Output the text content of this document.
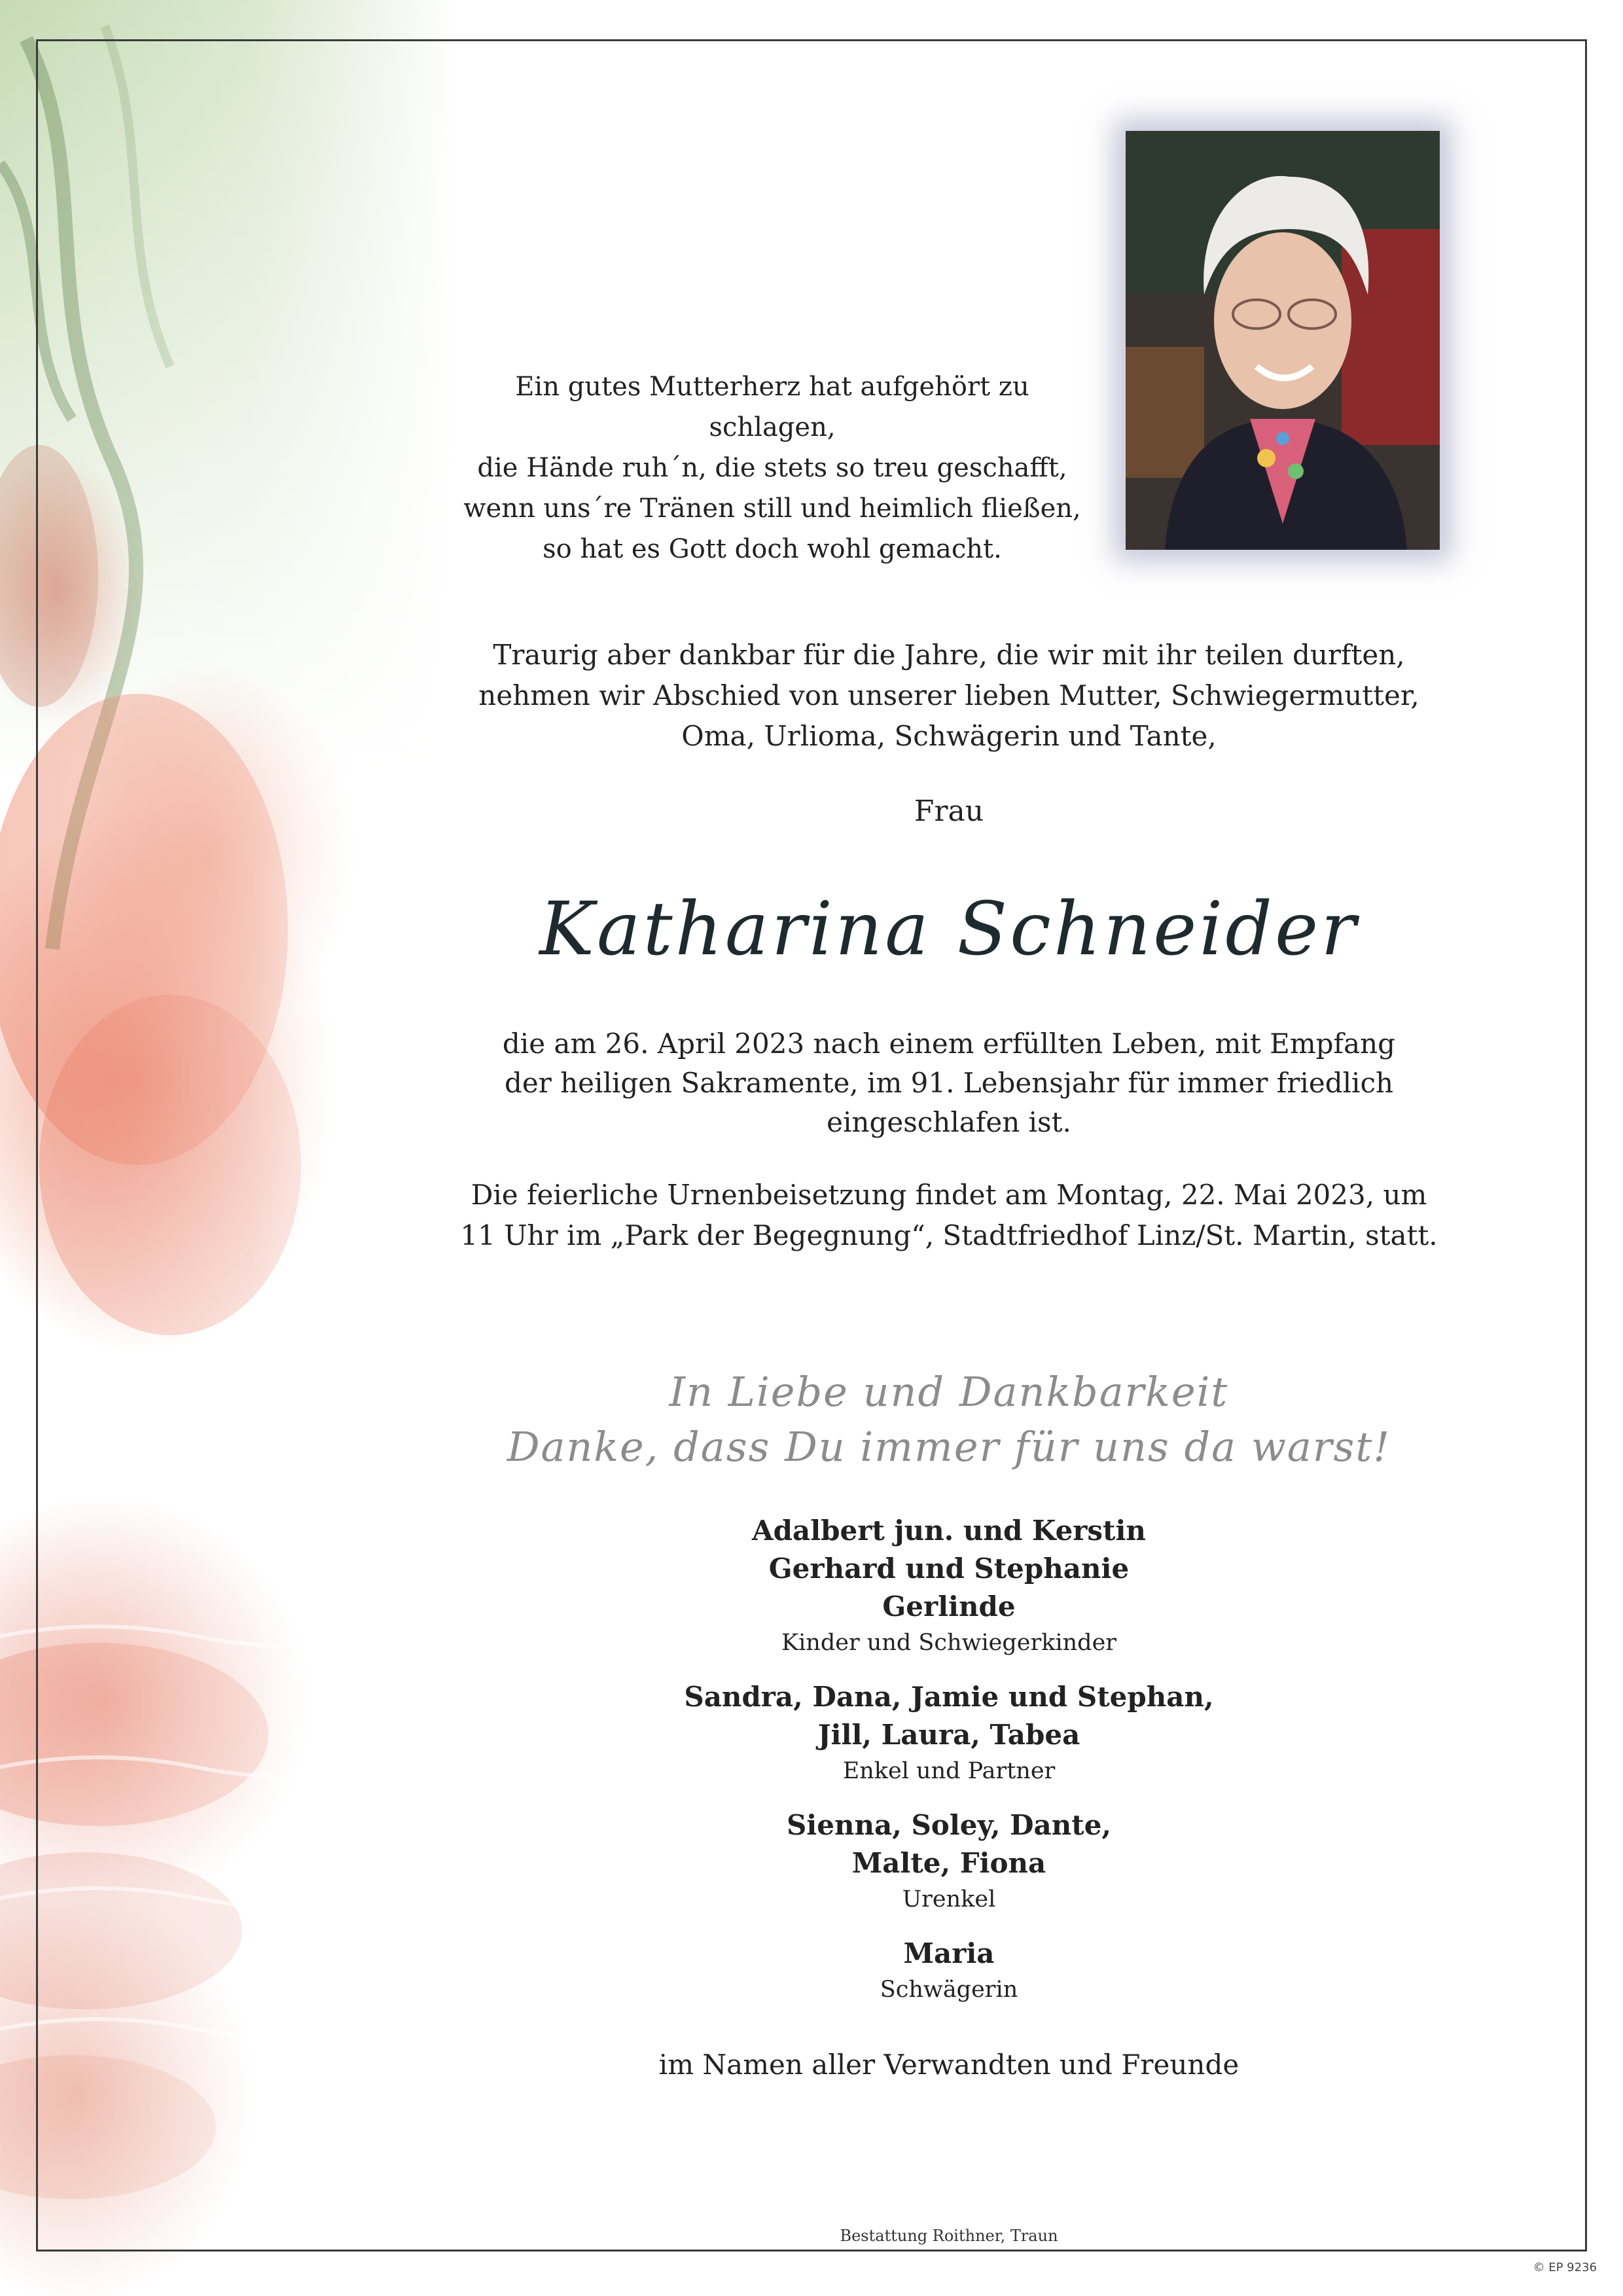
Ein gutes Mutterherz hat aufgehört zu schlagen,
die Hände ruh´n, die stets so treu geschafft,
wenn uns´re Tränen still und heimlich fließen,
so hat es Gott doch wohl gemacht.
Traurig aber dankbar für die Jahre, die wir mit ihr teilen durften,
nehmen wir Abschied von unserer lieben Mutter, Schwiegermutter,
Oma, Urlioma, Schwägerin und Tante,
Frau
Katharina Schneider
die am 26. April 2023 nach einem erfüllten Leben, mit Empfang
der heiligen Sakramente, im 91. Lebensjahr für immer friedlich
eingeschlafen ist.
Die feierliche Urnenbeisetzung findet am Montag, 22. Mai 2023, um
11 Uhr im „Park der Begegnung“, Stadtfriedhof Linz/St. Martin, statt.
In Liebe und Dankbarkeit
Danke, dass Du immer für uns da warst!
Adalbert jun. und Kerstin
Gerhard und Stephanie
Gerlinde
Kinder und Schwiegerkinder
Sandra, Dana, Jamie und Stephan,
Jill, Laura, Tabea
Enkel und Partner
Sienna, Soley, Dante,
Malte, Fiona
Urenkel
Maria
Schwägerin
im Namen aller Verwandten und Freunde
Bestattung Roithner, Traun
© EP 9236
